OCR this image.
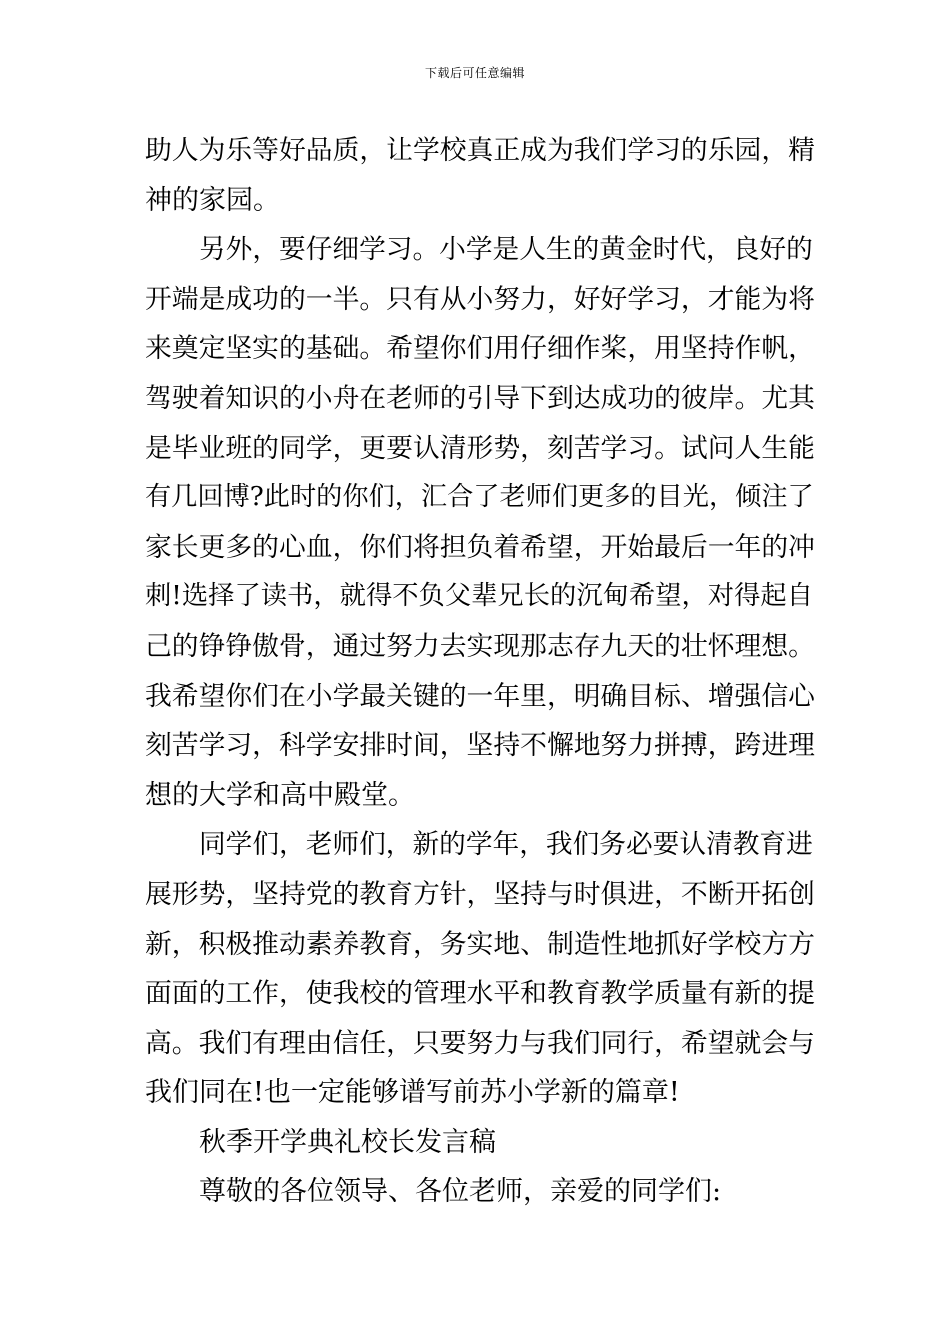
下载后可任意编辑
助人为乐等好品质，让学校真正成为我们学习的乐园，精
神的家园。
另外，要仔细学习。小学是人生的黄金时代，良好的
开端是成功的一半。只有从小努力，好好学习，才能为将
来奠定坚实的基础。希望你们用仔细作桨，用坚持作帆，
驾驶着知识的小舟在老师的引导下到达成功的彼岸。尤其
是毕业班的同学，更要认清形势，刻苦学习。试问人生能
有几回博?此时的你们，汇合了老师们更多的目光，倾注了
家长更多的心血，你们将担负着希望，开始最后一年的冲
刺!选择了读书，就得不负父辈兄长的沉甸希望，对得起自
己的铮铮傲骨，通过努力去实现那志存九天的壮怀理想。
我希望你们在小学最关键的一年里，明确目标、增强信心
刻苦学习，科学安排时间，坚持不懈地努力拼搏，跨进理
想的大学和高中殿堂。
同学们，老师们，新的学年，我们务必要认清教育进
展形势，坚持党的教育方针，坚持与时俱进，不断开拓创
新，积极推动素养教育，务实地、制造性地抓好学校方方
面面的工作，使我校的管理水平和教育教学质量有新的提
高。我们有理由信任，只要努力与我们同行，希望就会与
我们同在!也一定能够谱写前苏小学新的篇章!
秋季开学典礼校长发言稿
尊敬的各位领导、各位老师，亲爱的同学们:
